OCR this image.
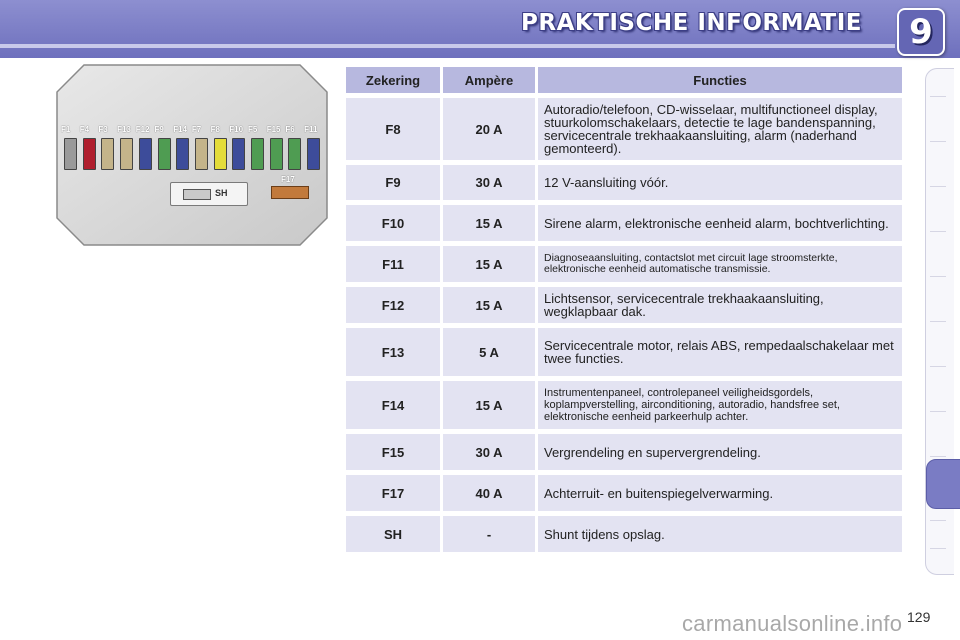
PRAKTISCHE INFORMATIE 9
F1 F4 F3 F13 F12 F9 F14 F7 F8 F10 F5 F15 F6 F11
SH
F17
Zekering	Ampère	Functies
F8	20 A	Autoradio/telefoon, CD-wisselaar, multifunctioneel display, stuurkolomschakelaars, detectie te lage bandenspanning, servicecentrale trekhaakaansluiting, alarm (naderhand gemonteerd).
F9	30 A	12 V-aansluiting vóór.
F10	15 A	Sirene alarm, elektronische eenheid alarm, bochtverlichting.
F11	15 A	Diagnoseaansluiting, contactslot met circuit lage stroomsterkte, elektronische eenheid automatische transmissie.
F12	15 A	Lichtsensor, servicecentrale trekhaakaansluiting, wegklapbaar dak.
F13	5 A	Servicecentrale motor, relais ABS, rempedaalschakelaar met twee functies.
F14	15 A	Instrumentenpaneel, controlepaneel veiligheidsgordels, koplampverstelling, airconditioning, autoradio, handsfree set, elektronische eenheid parkeerhulp achter.
F15	30 A	Vergrendeling en supervergrendeling.
F17	40 A	Achterruit- en buitenspiegelverwarming.
SH	-	Shunt tijdens opslag.
129
carmanualsonline.info
